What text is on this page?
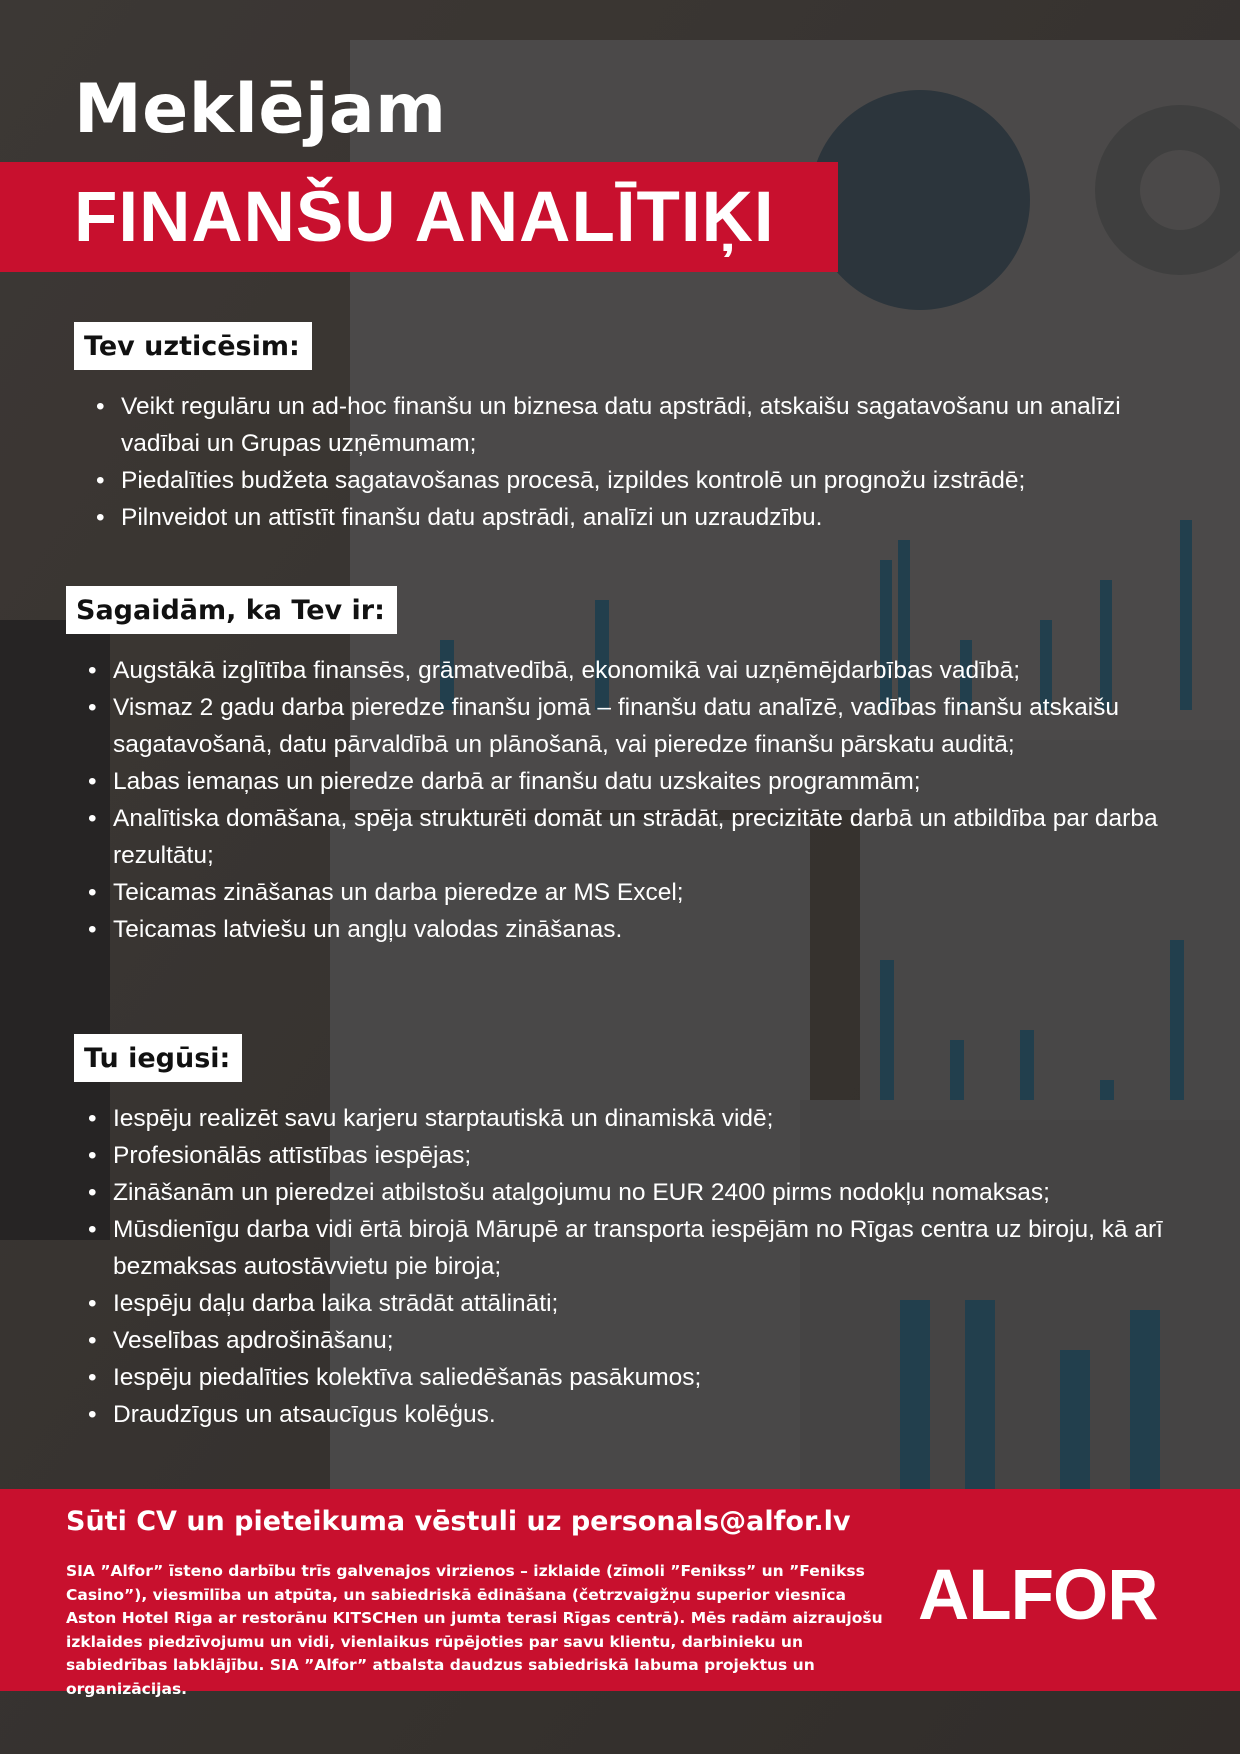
Meklējam
FINANŠU ANALĪTIĶI
Tev uzticēsim:
• Veikt regulāru un ad-hoc finanšu un biznesa datu apstrādi, atskaišu sagatavošanu un analīzi vadībai un Grupas uzņēmumam;
• Piedalīties budžeta sagatavošanas procesā, izpildes kontrolē un prognožu izstrādē;
• Pilnveidot un attīstīt finanšu datu apstrādi, analīzi un uzraudzību.
Sagaidām, ka Tev ir:
• Augstākā izglītība finansēs, grāmatvedībā, ekonomikā vai uzņēmējdarbības vadībā;
• Vismaz 2 gadu darba pieredze finanšu jomā – finanšu datu analīzē, vadības finanšu atskaišu sagatavošanā, datu pārvaldībā un plānošanā, vai pieredze finanšu pārskatu auditā;
• Labas iemaņas un pieredze darbā ar finanšu datu uzskaites programmām;
• Analītiska domāšana, spēja strukturēti domāt un strādāt, precizitāte darbā un atbildība par darba rezultātu;
• Teicamas zināšanas un darba pieredze ar MS Excel;
• Teicamas latviešu un angļu valodas zināšanas.
Tu iegūsi:
• Iespēju realizēt savu karjeru starptautiskā un dinamiskā vidē;
• Profesionālās attīstības iespējas;
• Zināšanām un pieredzei atbilstošu atalgojumu no EUR 2400 pirms nodokļu nomaksas;
• Mūsdienīgu darba vidi ērtā birojā Mārupē ar transporta iespējām no Rīgas centra uz biroju, kā arī bezmaksas autostāvvietu pie biroja;
• Iespēju daļu darba laika strādāt attālināti;
• Veselības apdrošināšanu;
• Iespēju piedalīties kolektīva saliedēšanās pasākumos;
• Draudzīgus un atsaucīgus kolēģus.
Sūti CV un pieteikuma vēstuli uz personals@alfor.lv
SIA ”Alfor” īsteno darbību trīs galvenajos virzienos – izklaide (zīmoli ”Fenikss” un ”Fenikss Casino”), viesmīlība un atpūta, un sabiedriskā ēdināšana (četrzvaigžņu superior viesnīca Aston Hotel Riga ar restorānu KITSCHen un jumta terasi Rīgas centrā). Mēs radām aizraujošu izklaides piedzīvojumu un vidi, vienlaikus rūpējoties par savu klientu, darbinieku un sabiedrības labklājību. SIA ”Alfor” atbalsta daudzus sabiedriskā labuma projektus un organizācijas.
ALFOR
